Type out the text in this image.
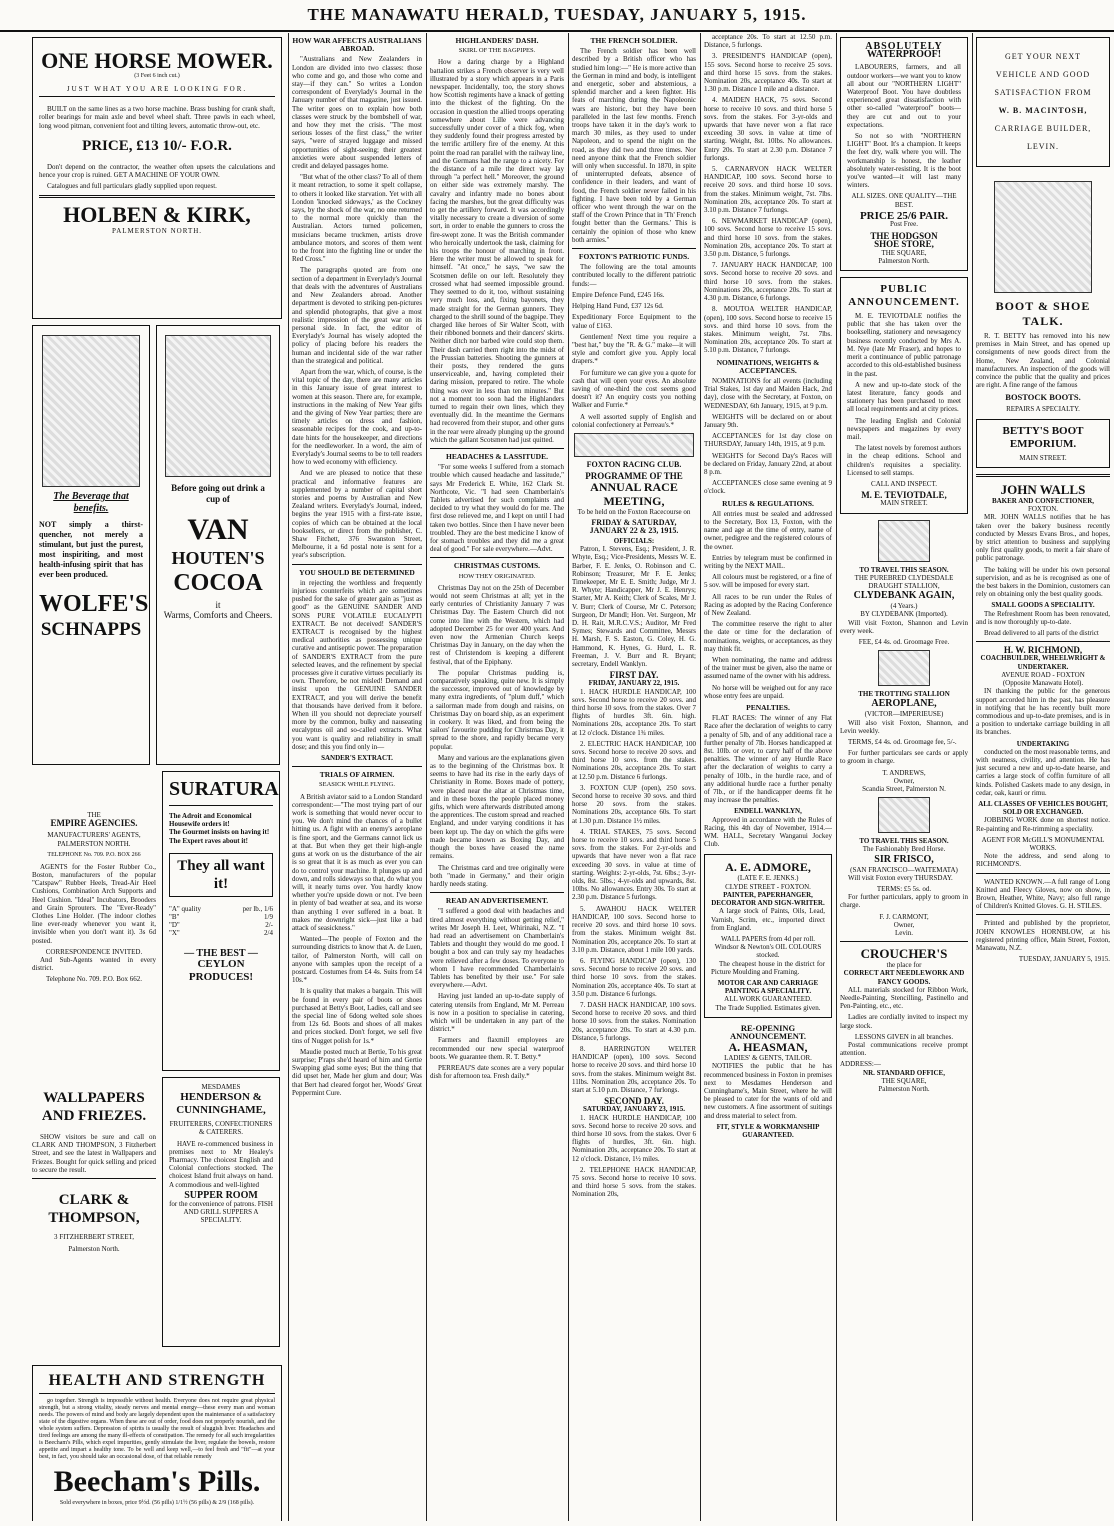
THE MANAWATU HERALD, TUESDAY, JANUARY 5, 1915.
ONE HORSE MOWER.
(3 Feet 6 inch cut.)
JUST WHAT YOU ARE LOOKING FOR.

BUILT on the same lines as a two horse machine. Brass bushing for crank shaft, roller bearings for main axle and bevel wheel shaft. Three pawls in each wheel, long wood pitman, convenient foot and tilting levers, automatic throw-out, etc.

PRICE, £13 10/- F.O.R.

Don't depend on the contractor, the weather often upsets the calculations and hence your crop is ruined. GET A MACHINE OF YOUR OWN.

Catalogues and full particulars gladly supplied upon request.

HOLBEN & KIRK,
PALMERSTON NORTH.
The Beverage that benefits.

NOT simply a thirst-quencher, not merely a stimulant, but just the purest, most inspiriting, and most health-infusing spirit that has ever been produced.

WOLFE'S
SCHNAPPS
Before going out drink a cup of
VAN
HOUTEN'S
COCOA
it
Warms, Comforts and Cheers.
THE
EMPIRE AGENCIES.
MANUFACTURERS' AGENTS, PALMERSTON NORTH.
TELEPHONE No. 709. P.O. BOX 266

AGENTS for the Foster Rubber Co., Boston, manufacturers of the popular "Catspaw" Rubber Heels, Tread-Air Heel Cushions, Combination Arch Supports and Heel Cushion. "Ideal" Incubators, Brooders and Grain Sprouters. The "Ever-Ready" Clothes Line Holder. (The indoor clothes line ever-ready whenever you want it, invisible when you don't want it). 3s 6d posted.

CORRESPONDENCE INVITED.

And Sub-Agents wanted in every district.

Telephone No. 709. P.O. Box 662.
SURATURA
The Adroit and Economical Housewife orders it!
The Gourmet insists on having it!
The Expert raves about it!
They all want it!
"A" quality	per lb., 1/6
"B"	1/9
"D"	2/-
"X"	2/4
— THE BEST —
CEYLON PRODUCES!
WALLPAPERS AND FRIEZES.

SHOW visitors be sure and call on CLARK AND THOMPSON, 3 Fitzherbert Street, and see the latest in Wallpapers and Friezes. Bought for quick selling and priced to secure the result.

CLARK &
THOMPSON,
3 FITZHERBERT STREET,
Palmerston North.
MESDAMES
HENDERSON & CUNNINGHAME,
FRUITERERS, CONFECTIONERS & CATERERS.

HAVE re-commenced business in premises next to Mr Healey's Pharmacy. The choicest English and Colonial confections stocked. The choicest Island fruit always on hand. A commodious and well-lighted

SUPPER ROOM
for the convenience of patrons. FISH AND GRILL SUPPERS A SPECIALITY.
HEALTH AND STRENGTH

go together. Strength is impossible without health. Everyone does not require great physical strength, but a strong vitality, steady nerves and mental energy—these every man and woman needs. The powers of mind and body are largely dependent upon the maintenance of a satisfactory state of the digestive organs. When these are out of order, food does not properly nourish, and the whole system suffers. Depression of spirits is usually the result of sluggish liver. Headaches and tired feelings are among the many ill-effects of constipation. The remedy for all such irregularities is Beecham's Pills, which expel impurities, gently stimulate the liver, regulate the bowels, restore appetite and impart a healthy tone. To be well and keep well,—to feel fresh and "fit"—at your best, in fact, you should take an occasional dose, of that reliable remedy

Beecham's Pills.
Sold everywhere in boxes, price 9½d. (56 pills) 1/1½ (56 pills) & 2/9 (168 pills).
HOW WAR AFFECTS AUSTRALIANS ABROAD.

"Australians and New Zealanders in London are divided into two classes: those who come and go, and those who come and stay—if they can." So writes a London correspondent of Everylady's Journal in the January number of that magazine, just issued. The writer goes on to explain how both classes were struck by the bombshell of war, and how they met the crisis. "The most serious losses of the first class," the writer says, "were of strayed luggage and missed opportunities of sight-seeing; their greatest anxieties were about suspended letters of credit and delayed passages home.

"But what of the other class? To all of them it meant retraction, to some it spelt collapse, to others it looked like starvation. Yet with all London 'knocked sideways,' as the Cockney says, by the shock of the war, no one returned to the normal more quickly than the Australian. Actors turned policemen, musicians became truckmen, artists drove ambulance motors, and scores of them went to the front into the fighting line or under the Red Cross."

The paragraphs quoted are from one section of a department in Everylady's Journal that deals with the adventures of Australians and New Zealanders abroad. Another department is devoted to striking pen-pictures and splendid photographs, that give a most realistic impression of the great war on its personal side. In fact, the editor of Everylady's Journal has wisely adopted the policy of placing before his readers the human and incidental side of the war rather than the strategical and political.

Apart from the war, which, of course, is the vital topic of the day, there are many articles in this January issue of great interest to women at this season. There are, for example, instructions in the making of New Year gifts and the giving of New Year parties; there are timely articles on dress and fashion, seasonable recipes for the cook, and up-to-date hints for the housekeeper, and directions for the needleworker. In a word, the aim of Everylady's Journal seems to be to tell readers how to wed economy with efficiency.

And we are pleased to notice that these practical and informative features are supplemented by a number of capital short stories and poems by Australian and New Zealand writers. Everylady's Journal, indeed, begins the year 1915 with a first-rate issue, copies of which can be obtained at the local booksellers, or direct from the publisher, C. Shaw Fitchett, 376 Swanston Street, Melbourne, it a 6d postal note is sent for a year's subscription.

YOU SHOULD BE DETERMINED

in rejecting the worthless and frequently injurious counterfeits which are sometimes pushed for the sake of greater gain as "just as good" as the GENUINE SANDER AND SONS PURE VOLATILE EUCALYPTI EXTRACT. Be not deceived! SANDER'S EXTRACT is recognised by the highest medical authorities as possessing unique curative and antiseptic power. The preparation of SANDER'S EXTRACT from the pure selected leaves, and the refinement by special processes give it curative virtues peculiarly its own. Therefore, be not misled! Demand and insist upon the GENUINE SANDER EXTRACT, and you will derive the benefit that thousands have derived from it before. When ill you should not depreciate yourself more by the common, bulky and nauseating eucalyptus oil and so-called extracts. What you want is quality and reliability in small dose; and this you find only in—

SANDER'S EXTRACT.
TRIALS OF AIRMEN.
SEASICK WHILE FLYING.

A British aviator said to a London Standard correspondent:—"The most trying part of our work is something that would never occur to you. We don't mind the chances of a bullet hitting us. A fight with an enemy's aeroplane is fine sport, and the Germans cannot lick us at that. But when they get their high-angle guns at work on us the disturbance of the air is so great that it is as much as ever you can do to control your machine. It plunges up and down, and rolls sideways so that, do what you will, it nearly turns over. You hardly know whether you're upside down or not. I've been in plenty of bad weather at sea, and its worse than anything I ever suffered in a boat. It makes me downright sick—just like a bad attack of seasickness."

Wanted—The people of Foxton and the surrounding districts to know that A. de Luen, tailor, of Palmerston North, will call on anyone with samples upon the receipt of a postcard. Costumes from £4 4s. Suits from £4 10s.*

It is quality that makes a bargain. This will be found in every pair of boots or shoes purchased at Betty's Boot, Ladies, call and see the special line of 6dong welted sole shoes from 12s 6d. Boots and shoes of all makes and prices stocked. Don't forget, we sell five tins of Nugget polish for 1s.*

Maudie posted much at Bertie, To his great surprise; P'raps she'd heard of him and Gertie Swapping glad some eyes; But the thing that did upset her, Made her glum and dour; Was that Bert had cleared forgot her, Woods' Great Peppermint Cure.

HIGHLANDERS' DASH.
SKIRL OF THE BAGPIPES.

How a daring charge by a Highland battalion strikes a French observer is very well illustrated by a story which appears in a Paris newspaper. Incidentally, too, the story shows how Scottish regiments have a knack of getting into the thickest of the fighting. On the occasion in question the allied troops operating somewhere about Lille were advancing successfully under cover of a thick fog, when they suddenly found their progress arrested by the terrific artillery fire of the enemy. At this point the road ran parallel with the railway line, and the Germans had the range to a nicety. For the distance of a mile the direct way lay through "a perfect hell." Moreover, the ground on either side was extremely marshy. The cavalry and infantry made no bones about facing the marshes, but the great difficulty was to get the artillery forward. It was accordingly vitally necessary to create a diversion of some sort, in order to enable the gunners to cross the fire-swept zone. It was the British commander who heroically undertook the task, claiming for his troops the honour of marching in front. Here the writer must be allowed to speak for himself. "At once," he says, "we saw the Scotsmen defile on our left. Resolutely they crossed what had seemed impossible ground. They seemed to do it, too, without sustaining very much loss, and, fixing bayonets, they made straight for the German gunners. They charged to the shrill sound of the bagpipe. They charged like heroes of Sir Walter Scott, with their ribboned bonnets and their dancers' skirts. Neither ditch nor barbed wire could stop them. Their dash carried them right into the midst of the Prussian batteries. Shooting the gunners at their posts, they rendered the guns unserviceable, and, having completed their daring mission, prepared to retire. The whole thing was over in less than ten minutes." But not a moment too soon had the Highlanders turned to regain their own lines, which they eventually did. In the meantime the Germans had recovered from their stupor, and other guns in the rear were already plunging up the ground which the gallant Scotsmen had just quitted.

HEADACHES & LASSITUDE.

"For some weeks I suffered from a stomach trouble which caused headache and lassitude," says Mr Frederick E. White, 162 Clark St. Northcote, Vic. "I had seen Chamberlain's Tablets advertised for such complaints and decided to try what they would do for me. The first dose relieved me, and I kept on until I had taken two bottles. Since then I have never been troubled. They are the best medicine I know of for stomach troubles and they did me a great deal of good." For sale everywhere.—Advt.

CHRISTMAS CUSTOMS.
HOW THEY ORIGINATED.

Christmas Day not on the 25th of December would not seem Christmas at all; yet in the early centuries of Christianity January 7 was Christmas Day. The Eastern Church did not come into line with the Western, which had adopted December 25 for over 400 years. And even now the Armenian Church keeps Christmas Day in January, on the day when the rest of Christendom is keeping a different festival, that of the Epiphany.

The popular Christmas pudding is, comparatively speaking, quite new. It is simply the successor, improved out of knowledge by many extra ingredients, of "plum duff," which a sailorman made from dough and raisins, on Christmas Day on board ship, as an experiment in cookery. It was liked, and from being the sailors' favourite pudding for Christmas Day, it spread to the shore, and rapidly became very popular.

Many and various are the explanations given as to the beginning of the Christmas box. It seems to have had its rise in the early days of Christianity in Rome. Boxes made of pottery, were placed near the altar at Christmas time, and in these boxes the people placed money gifts, which were afterwards distributed among the apprentices. The custom spread and reached England, and under varying conditions it has been kept up. The day on which the gifts were made became known as Boxing Day, and though the boxes have ceased the name remains.

The Christmas card and tree originally were both "made in Germany," and their origin hardly needs stating.

READ AN ADVERTISEMENT.

"I suffered a good deal with headaches and tired almost everything without getting relief," writes Mr Joseph H. Leet, Whirinaki, N.Z. "I had read an advertisement on Chamberlain's Tablets and thought they would do me good. I bought a box and can truly say my headaches were relieved after a few doses. To everyone to whom I have recommended Chamberlain's Tablets has benefited by their use." For sale everywhere.—Advt.

Having just landed an up-to-date supply of catering utensils from England, Mr M. Perreau is now in a position to specialise in catering, which will be undertaken in any part of the district.*

Farmers and flaxmill employees are recommended our new special waterproof boots. We guarantee them. R. T. Betty.*

PERREAU'S date scones are a very popular dish for afternoon tea. Fresh daily.*

THE FRENCH SOLDIER.

The French soldier has been well described by a British officer who has studied him long:—" He is more active than the German in mind and body, is intelligent and energetic, sober and abstemious, a splendid marcher and a keen fighter. His feats of marching during the Napoleonic wars are historic, but they have been paralleled in the last few months. French troops have taken it in the day's work to march 30 miles, as they used to under Napoleon, and to spend the night on the road, as they did two and three times. Nor need anyone think that the French soldier will only when successful. In 1870, in spite of uninterrupted defeats, absence of confidence in their leaders, and want of food, the French soldier never failed in his fighting. I have been told by a German officer who went through the war on the staff of the Crown Prince that in 'Th' French fought better than the Germans.' This is certainly the opinion of those who knew both armies."

FOXTON'S PATRIOTIC FUNDS.

The following are the total amounts contributed locally to the different patriotic funds:—

Empire Defence Fund, £245 16s.

Helping Hand Fund, £37 12s 6d.

Expeditionary Force Equipment to the value of £163.

Gentlemen! Next time you require a "best hat," buy the "R. & G." make—it will style and comfort give you. Apply local drapers.*

For furniture we can give you a quote for cash that will open your eyes. An absolute saving of one-third the cost seems good doesn't it? An enquiry costs you nothing Walker and Furrie.*

A well assorted supply of English and colonial confectionery at Perreau's.*

FOXTON RACING CLUB.
PROGRAMME OF THE
ANNUAL RACE MEETING,
To be held on the Foxton Racecourse on
FRIDAY & SATURDAY, JANUARY 22 & 23, 1915.
OFFICIALS:

Patron, I. Stevens, Esq.; President, J. R. Whyte, Esq.; Vice-Presidents, Messrs W. E. Barber, F. E. Jenks, O. Robinson and C. Robinson; Treasurer, Mr F. E. Jenks; Timekeeper, Mr E. E. Smith; Judge, Mr J. R. Whyte; Handicapper, Mr J. E. Henrys; Starter, Mr A. Keith; Clerk of Scales, Mr J. V. Burr; Clerk of Course, Mr C. Peterson; Surgeon, Dr Mandl; Hon. Vet. Surgeon, Mr D. H. Rait, M.R.C.V.S.; Auditor, Mr Fred Symes; Stewards and Committee, Messrs H. Marsh, F. S. Easton, G. Coley, H. G. Hammond, K. Hynes, G. Hurd, L. R. Freeman, J. V. Burr and R. Bryant; secretary, Endell Wanklyn.

FIRST DAY.
FRIDAY, JANUARY 22, 1915.

1. HACK HURDLE HANDICAP, 100 sovs. Second horse to receive 20 sovs. and third horse 10 sovs. from the stakes. Over 7 flights of hurdles 3ft. 6in. high. Nominations 20s, acceptance 20s. To start at 12 o'clock. Distance 1¾ miles.

2. ELECTRIC HACK HANDICAP, 100 sovs. Second horse to receive 20 sovs. and third horse 10 sovs. from the stakes. Nominations 20s, acceptance 20s. To start at 12.50 p.m. Distance 6 furlongs.

3. FOXTON CUP (open), 250 sovs. Second horse to receive 30 sovs. and third horse 20 sovs. from the stakes. Nominations 20s, acceptance 60s. To start at 1.30 p.m. Distance 1½ miles.

4. TRIAL STAKES, 75 sovs. Second horse to receive 10 sovs. and third horse 5 sovs. from the stakes. For 2-yr-olds and upwards that have never won a flat race exceeding 30 sovs. in value at time of starting. Weights: 2-yr-olds, 7st. 6lbs.; 3-yr-olds, 8st. 5lbs.; 4-yr-olds and upwards, 8st. 10lbs. No allowances. Entry 30s. To start at 2.30 p.m. Distance 5 furlongs.

5. AWAHOU HACK WELTER HANDICAP, 100 sovs. Second horse to receive 20 sovs. and third horse 10 sovs. from the stakes. Minimum weight 8st. Nomination 20s, acceptance 20s. To start at 3.10 p.m. Distance, about 1 mile 100 yards.

6. FLYING HANDICAP (open), 130 sovs. Second horse to receive 20 sovs. and third horse 10 sovs. from the stakes. Nomination 20s, acceptance 40s. To start at 3.50 p.m. Distance 6 furlongs.

7. DASH HACK HANDICAP, 100 sovs. Second horse to receive 20 sovs. and third horse 10 sovs. from the stakes. Nomination 20s, acceptance 20s. To start at 4.30 p.m. Distance, 5 furlongs.

8. HARRINGTON WELTER HANDICAP (open), 100 sovs. Second horse to receive 20 sovs. and third horse 10 sovs. from the stakes. Minimum weight 8st. 11lbs. Nomination 20s, acceptance 20s. To start at 5.10 p.m. Distance, 7 furlongs.

SECOND DAY.
SATURDAY, JANUARY 23, 1915.

1. HACK HURDLE HANDICAP, 100 sovs. Second horse to receive 20 sovs. and third horse 10 sovs. from the stakes. Over 6 flights of hurdles, 3ft. 6in. high. Nomination 20s, acceptance 20s. To start at 12 o'clock. Distance, 1½ miles.

2. TELEPHONE HACK HANDICAP, 75 sovs. Second horse to receive 10 sovs. and third horse 5 sovs. from the stakes. Nomination 20s,

acceptance 20s. To start at 12.50 p.m. Distance, 5 furlongs.

3. PRESIDENT'S HANDICAP (open), 155 sovs. Second horse to receive 25 sovs. and third horse 15 sovs. from the stakes. Nomination 20s, acceptance 40s. To start at 1.30 p.m. Distance 1 mile and a distance.

4. MAIDEN HACK, 75 sovs. Second horse to receive 10 sovs. and third horse 5 sovs. from the stakes. For 3-yr-olds and upwards that have never won a flat race exceeding 30 sovs. in value at time of starting. Weight, 8st. 10lbs. No allowances. Entry 20s. To start at 2.30 p.m. Distance 7 furlongs.

5. CARNARVON HACK WELTER HANDICAP, 100 sovs. Second horse to receive 20 sovs. and third horse 10 sovs. from the stakes. Minimum weight, 7st. 7lbs. Nomination 20s, acceptance 20s. To start at 3.10 p.m. Distance 7 furlongs.

6. NEWMARKET HANDICAP (open), 100 sovs. Second horse to receive 15 sovs. and third horse 10 sovs. from the stakes. Nomination 20s, acceptance 20s. To start at 3.50 p.m. Distance, 5 furlongs.

7. JANUARY HACK HANDICAP, 100 sovs. Second horse to receive 20 sovs. and third horse 10 sovs. from the stakes. Nominations 20s, acceptance 20s. To start at 4.30 p.m. Distance, 6 furlongs.

8. MOUTOA WELTER HANDICAP, (open), 100 sovs. Second horse to receive 15 sovs. and third horse 10 sovs. from the stakes. Minimum weight, 7st. 7lbs. Nomination 20s, acceptance 20s. To start at 5.10 p.m. Distance, 7 furlongs.

NOMINATIONS, WEIGHTS & ACCEPTANCES.

NOMINATIONS for all events (including Trial Stakes, 1st day and Maiden Hack, 2nd day), close with the Secretary, at Foxton, on WEDNESDAY, 6th January, 1915, at 9 p.m.

WEIGHTS will be declared on or about January 9th.

ACCEPTANCES for 1st day close on THURSDAY, January 14th, 1915, at 9 p.m.

WEIGHTS for Second Day's Races will be declared on Friday, January 22nd, at about 8 p.m.

ACCEPTANCES close same evening at 9 o'clock.

RULES & REGULATIONS.

All entries must be sealed and addressed to the Secretary, Box 13, Foxton, with the name and age at the time of entry, name of owner, pedigree and the registered colours of the owner.

Entries by telegram must be confirmed in writing by the NEXT MAIL.

All colours must be registered, or a fine of 5 sov. will be imposed for every start.

All races to be run under the Rules of Racing as adopted by the Racing Conference of New Zealand.

The committee reserve the right to alter the date or time for the declaration of nominations, weights, or acceptances, as they may think fit.

When nominating, the name and address of the trainer must be given, also the name or assumed name of the owner with his address.

No horse will be weighed out for any race whose entry fees are unpaid.

PENALTIES.

FLAT RACES: The winner of any Flat Race after the declaration of weights to carry a penalty of 5lb, and of any additional race a further penalty of 7lb. Horses handicapped at 8st. 10lb. or over, to carry half of the above penalties. The winner of any Hurdle Race after the declaration of weights to carry a penalty of 10lb., in the hurdle race, and of any additional hurdle race a further penalty of 7lb., or if the handicapper deems fit he may increase the penalties.

ENDELL WANKLYN,

Approved in accordance with the Rules of Racing, this 4th day of November, 1914.—WM. HALL, Secretary Wanganui Jockey Club.

A. E. ADMORE,
(LATE F. E. JENKS.)
CLYDE STREET - FOXTON.
PAINTER, PAPERHANGER, DECORATOR AND SIGN-WRITER.

A large stock of Paints, Oils, Lead, Varnish, Scrim, etc., imported direct from England.

WALL PAPERS from 4d per roll.
Windsor & Newton's OIL COLOURS stocked.

The cheapest house in the district for Picture Moulding and Framing.

MOTOR CAR AND CARRIAGE PAINTING A SPECIALITY.
ALL WORK GUARANTEED.
The Trade Supplied. Estimates given.
RE-OPENING ANNOUNCEMENT.
A. HEASMAN,
LADIES' & GENTS, TAILOR.

NOTIFIES the public that he has recommenced business in Foxton in premises next to Mesdames Henderson and Cunninghame's, Main Street, where he will be pleased to cater for the wants of old and new customers. A fine assortment of suitings and dress material to select from.

FIT, STYLE & WORKMANSHIP GUARANTEED.
ABSOLUTELY
WATERPROOF!

LABOURERS, farmers, and all outdoor workers—we want you to know all about our "NORTHERN LIGHT" Waterproof Boot. You have doubtless experienced great dissatisfaction with other so-called "waterproof" boots—they are cut and out to your expectations.

So not so with "NORTHERN LIGHT" Boot. It's a champion. It keeps the feet dry, walk where you will. The workmanship is honest, the leather absolutely water-resisting. It is the boot you've wanted—it will last many winters.

ALL SIZES. ONE QUALITY—THE BEST.
PRICE 25/6 PAIR.
Post Free.
THE HODGSON
SHOE STORE,
THE SQUARE,
Palmerston North.
PUBLIC ANNOUNCEMENT.

M. E. TEVIOTDALE notifies the public that she has taken over the bookselling, stationery and newsagency business recently conducted by Mrs A. M. Nye (late Mr Fraser), and hopes to merit a continuance of public patronage accorded to this old-established business in the past.

A new and up-to-date stock of the latest literature, fancy goods and stationery has been purchased to meet all local requirements and at city prices.

The leading English and Colonial newspapers and magazines by every mail.

The latest novels by foremost authors in the cheap editions. School and children's requisites a speciality. Licensed to sell stamps.

CALL AND INSPECT.
M. E. TEVIOTDALE,
MAIN STREET.
TO TRAVEL THIS SEASON.
THE PUREBRED CLYDESDALE DRAUGHT STALLION,
CLYDEBANK AGAIN,
(4 Years.)
BY CLYDEBANK (Imported).

Will visit Foxton, Shannon and Levin every week.

FEE, £4 4s. od. Groomage Free.
THE TROTTING STALLION
AEROPLANE,
(VICTOR—IMPERIEUSE)

Will also visit Foxton, Shannon, and Levin weekly.

TERMS, £4 4s. od. Groomage fee, 5/-.

For further particulars see cards or apply to groom in charge.

T. ANDREWS,
Owner,
Scandia Street, Palmerston N.
TO TRAVEL THIS SEASON.
The Fashionably Bred Horse.
SIR FRISCO,
(SAN FRANCISCO—WAITEMATA)

Will visit Foxton every THURSDAY.

TERMS: £5 5s. od.

For further particulars, apply to groom in charge.

F. J. CARMONT,
Owner,
Levin.
CROUCHER'S
the place for
CORRECT ART NEEDLEWORK AND FANCY GOODS.

ALL materials stocked for Ribbon Work, Needle-Painting, Stencilling, Pastinello and Pen-Painting, etc., etc.

Ladies are cordially invited to inspect my large stock.

LESSONS GIVEN in all branches.

Postal communications receive prompt attention.

ADDRESS:—
NR. STANDARD OFFICE,
THE SQUARE,
Palmerston North.
GET YOUR NEXT
VEHICLE AND GOOD
SATISFACTION FROM
W. B. MACINTOSH,
CARRIAGE BUILDER,
LEVIN.
BOOT & SHOE TALK.

R. T. BETTY has removed into his new premises in Main Street, and has opened up consignments of new goods direct from the Home, New Zealand, and Colonial manufacturers. An inspection of the goods will convince the public that the quality and prices are right. A fine range of the famous

BOSTOCK BOOTS.
REPAIRS A SPECIALTY.
BETTY'S BOOT
EMPORIUM.
MAIN STREET.
JOHN WALLS
BAKER AND CONFECTIONER,
FOXTON.

MR. JOHN WALLS notifies that he has taken over the bakery business recently conducted by Messrs Evans Bros., and hopes, by strict attention to business and supplying only first quality goods, to merit a fair share of public patronage.

The baking will be under his own personal supervision, and as he is recognised as one of the best bakers in the Dominion, customers can rely on obtaining only the best quality goods.

SMALL GOODS A SPECIALITY.

The Refreshment Room has been renovated, and is now thoroughly up-to-date.

Bread delivered to all parts of the district

H. W. RICHMOND,
COACHBUILDER, WHEELWRIGHT & UNDERTAKER.
AVENUE ROAD - FOXTON
(Opposite Manawatu Hotel).

IN thanking the public for the generous support accorded him in the past, has pleasure in notifying that he has recently built more commodious and up-to-date premises, and is in a position to undertake carriage building in all its branches.

UNDERTAKING

conducted on the most reasonable terms, and with neatness, civility, and attention. He has just secured a new and up-to-date hearse, and carries a large stock of coffin furniture of all kinds. Polished Caskets made to any design, in cedar, oak, kauri or rimu.

ALL CLASSES OF VEHICLES BOUGHT, SOLD OR EXCHANGED.

JOBBING WORK done on shortest notice. Re-painting and Re-trimming a speciality.

AGENT FOR McGILL'S MONUMENTAL WORKS.

Note the address, and send along to RICHMOND'S.

WANTED KNOWN.—A full range of Long Knitted and Fleecy Gloves, now on show, in Brown, Heather, White, Navy; also full range of Children's Knitted Gloves. G. H. STILES.

Printed and published by the proprietor, JOHN KNOWLES HORNBLOW, at his registered printing office, Main Street, Foxton, Manawatu, N.Z.

TUESDAY, JANUARY 5, 1915.
